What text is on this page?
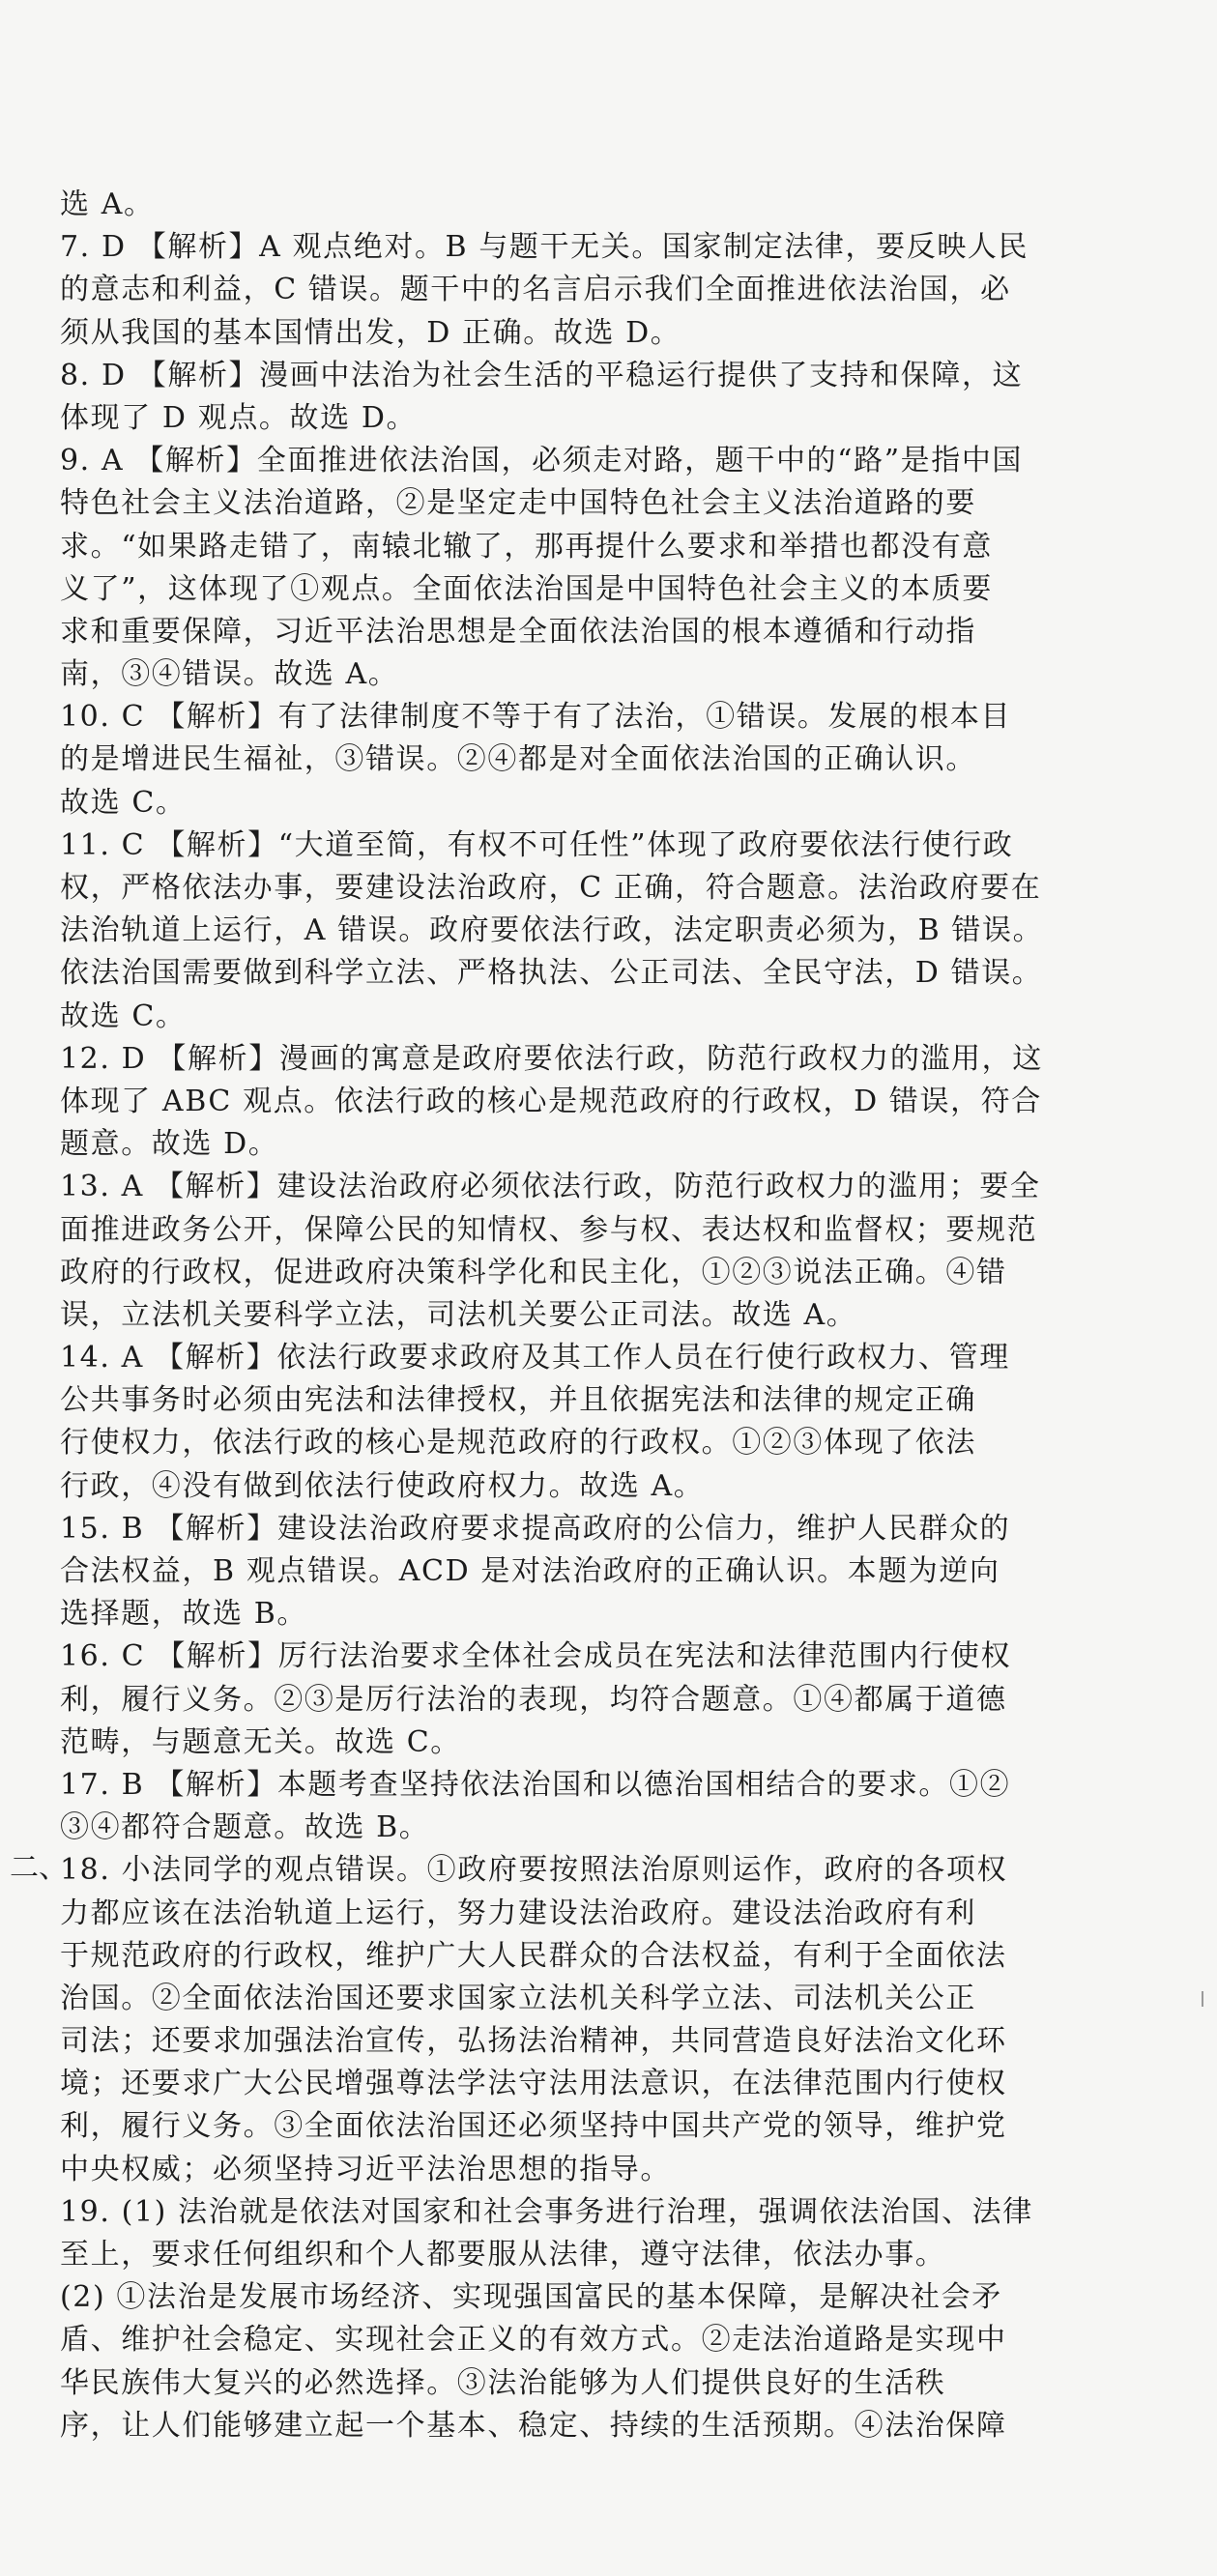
二、
选 A。
7. D 【解析】A 观点绝对。B 与题干无关。国家制定法律，要反映人民
的意志和利益，C 错误。题干中的名言启示我们全面推进依法治国，必
须从我国的基本国情出发，D 正确。故选 D。
8. D 【解析】漫画中法治为社会生活的平稳运行提供了支持和保障，这
体现了 D 观点。故选 D。
9. A 【解析】全面推进依法治国，必须走对路，题干中的“路”是指中国
特色社会主义法治道路，②是坚定走中国特色社会主义法治道路的要
求。“如果路走错了，南辕北辙了，那再提什么要求和举措也都没有意
义了”，这体现了①观点。全面依法治国是中国特色社会主义的本质要
求和重要保障，习近平法治思想是全面依法治国的根本遵循和行动指
南，③④错误。故选 A。
10. C 【解析】有了法律制度不等于有了法治，①错误。发展的根本目
的是增进民生福祉，③错误。②④都是对全面依法治国的正确认识。
故选 C。
11. C 【解析】“大道至简，有权不可任性”体现了政府要依法行使行政
权，严格依法办事，要建设法治政府，C 正确，符合题意。法治政府要在
法治轨道上运行，A 错误。政府要依法行政，法定职责必须为，B 错误。
依法治国需要做到科学立法、严格执法、公正司法、全民守法，D 错误。
故选 C。
12. D 【解析】漫画的寓意是政府要依法行政，防范行政权力的滥用，这
体现了 ABC 观点。依法行政的核心是规范政府的行政权，D 错误，符合
题意。故选 D。
13. A 【解析】建设法治政府必须依法行政，防范行政权力的滥用；要全
面推进政务公开，保障公民的知情权、参与权、表达权和监督权；要规范
政府的行政权，促进政府决策科学化和民主化，①②③说法正确。④错
误，立法机关要科学立法，司法机关要公正司法。故选 A。
14. A 【解析】依法行政要求政府及其工作人员在行使行政权力、管理
公共事务时必须由宪法和法律授权，并且依据宪法和法律的规定正确
行使权力，依法行政的核心是规范政府的行政权。①②③体现了依法
行政，④没有做到依法行使政府权力。故选 A。
15. B 【解析】建设法治政府要求提高政府的公信力，维护人民群众的
合法权益，B 观点错误。ACD 是对法治政府的正确认识。本题为逆向
选择题，故选 B。
16. C 【解析】厉行法治要求全体社会成员在宪法和法律范围内行使权
利，履行义务。②③是厉行法治的表现，均符合题意。①④都属于道德
范畴，与题意无关。故选 C。
17. B 【解析】本题考查坚持依法治国和以德治国相结合的要求。①②
③④都符合题意。故选 B。
18. 小法同学的观点错误。①政府要按照法治原则运作，政府的各项权
力都应该在法治轨道上运行，努力建设法治政府。建设法治政府有利
于规范政府的行政权，维护广大人民群众的合法权益，有利于全面依法
治国。②全面依法治国还要求国家立法机关科学立法、司法机关公正
司法；还要求加强法治宣传，弘扬法治精神，共同营造良好法治文化环
境；还要求广大公民增强尊法学法守法用法意识，在法律范围内行使权
利，履行义务。③全面依法治国还必须坚持中国共产党的领导，维护党
中央权威；必须坚持习近平法治思想的指导。
19. (1) 法治就是依法对国家和社会事务进行治理，强调依法治国、法律
至上，要求任何组织和个人都要服从法律，遵守法律，依法办事。
(2) ①法治是发展市场经济、实现强国富民的基本保障，是解决社会矛
盾、维护社会稳定、实现社会正义的有效方式。②走法治道路是实现中
华民族伟大复兴的必然选择。③法治能够为人们提供良好的生活秩
序，让人们能够建立起一个基本、稳定、持续的生活预期。④法治保障
